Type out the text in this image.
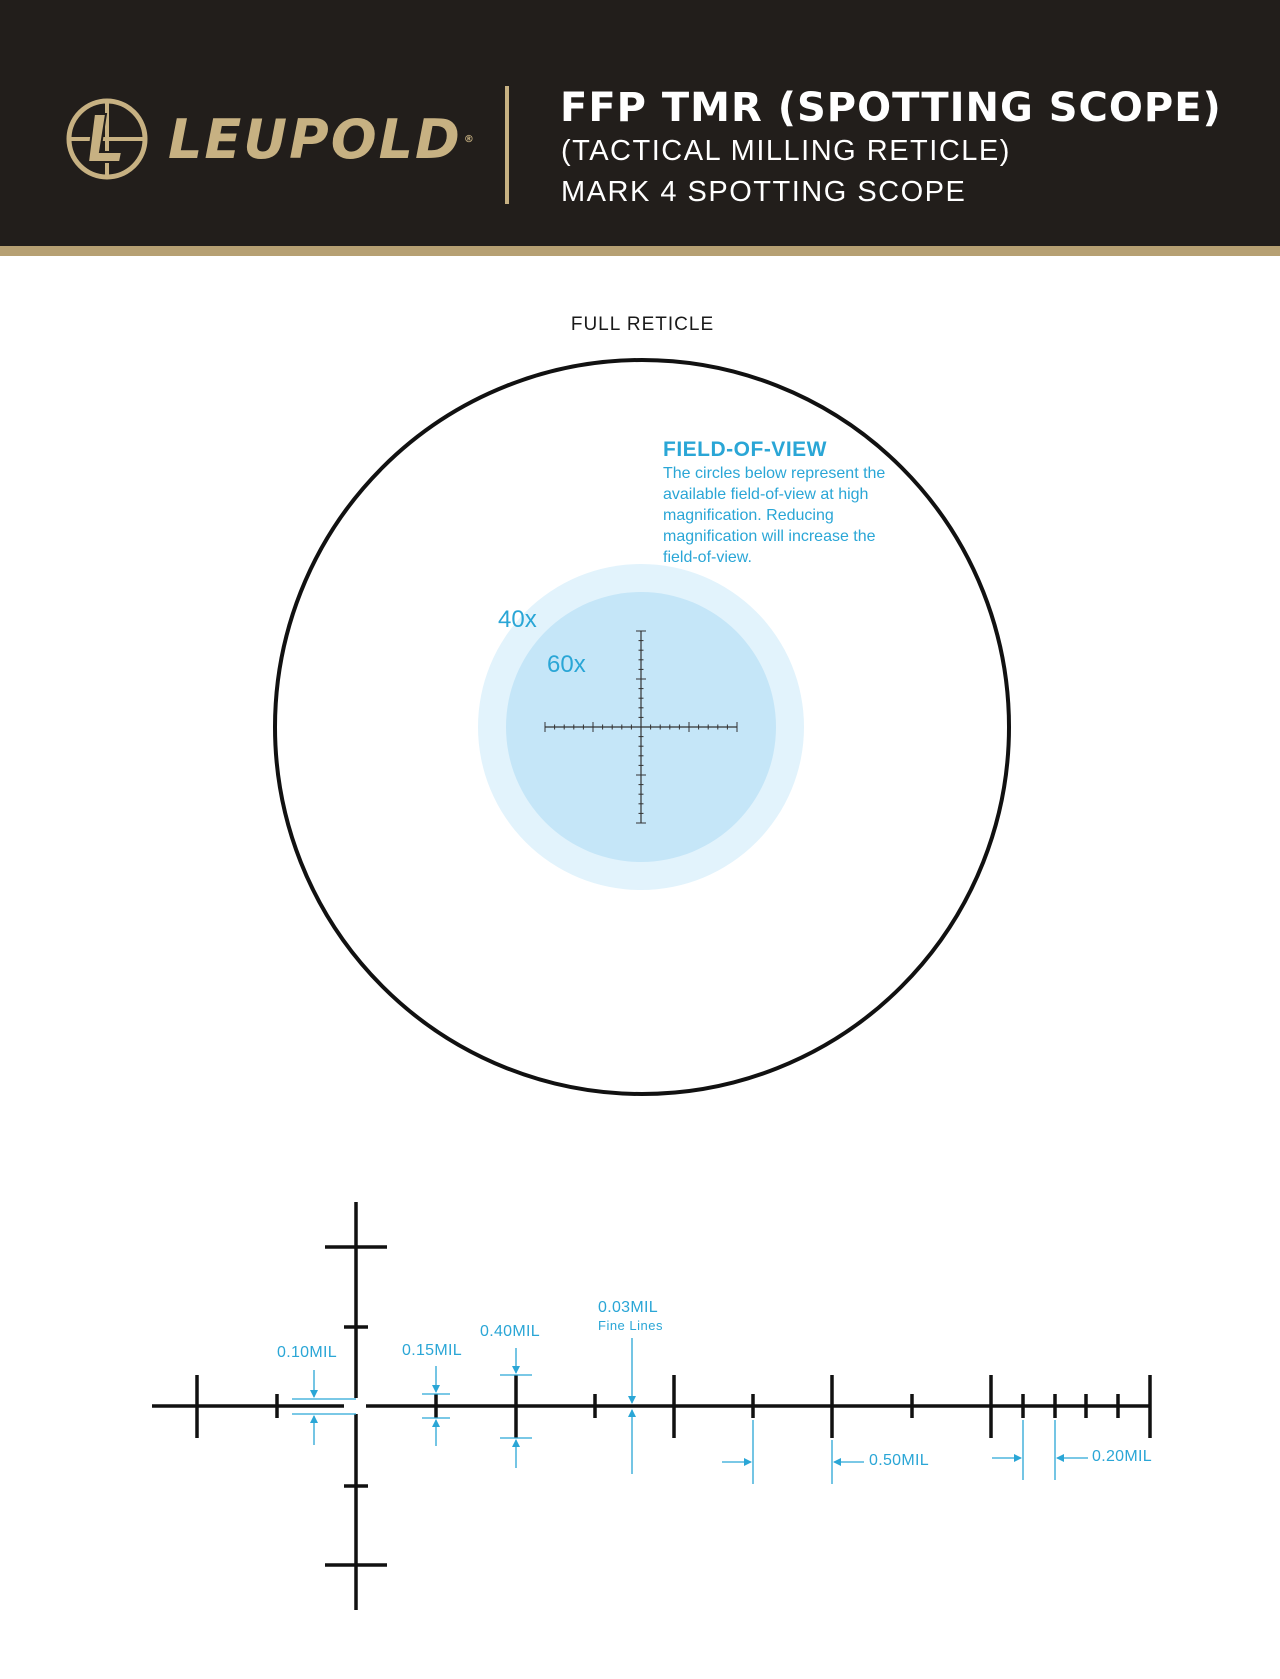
LEUPOLD ®
FFP TMR (SPOTTING SCOPE)
(TACTICAL MILLING RETICLE)
MARK 4 SPOTTING SCOPE
FULL RETICLE
FIELD-OF-VIEW
The circles below represent the available field-of-view at high magnification. Reducing magnification will increase the field-of-view.
40x
60x
0.10MIL	0.15MIL
0.40MIL
0.03MIL
Fine Lines
0.50MIL	0.20MIL
